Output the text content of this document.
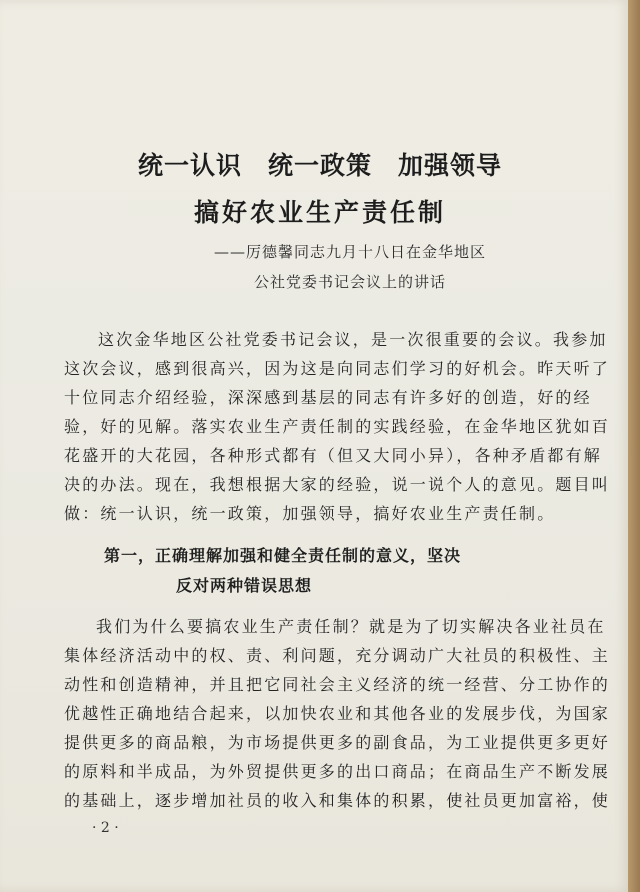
统一认识　统一政策　加强领导
搞好农业生产责任制
——厉德馨同志九月十八日在金华地区
公社党委书记会议上的讲话
这次金华地区公社党委书记会议，是一次很重要的会议。我参加
这次会议，感到很高兴，因为这是向同志们学习的好机会。昨天听了
十位同志介绍经验，深深感到基层的同志有许多好的创造，好的经
验，好的见解。落实农业生产责任制的实践经验，在金华地区犹如百
花盛开的大花园，各种形式都有（但又大同小异），各种矛盾都有解
决的办法。现在，我想根据大家的经验，说一说个人的意见。题目叫
做：统一认识，统一政策，加强领导，搞好农业生产责任制。
第一，正确理解加强和健全责任制的意义，坚决
反对两种错误思想
我们为什么要搞农业生产责任制？就是为了切实解决各业社员在
集体经济活动中的权、责、利问题，充分调动广大社员的积极性、主
动性和创造精神，并且把它同社会主义经济的统一经营、分工协作的
优越性正确地结合起来，以加快农业和其他各业的发展步伐，为国家
提供更多的商品粮，为市场提供更多的副食品，为工业提供更多更好
的原料和半成品，为外贸提供更多的出口商品；在商品生产不断发展
的基础上，逐步增加社员的收入和集体的积累，使社员更加富裕，使
· 2 ·
